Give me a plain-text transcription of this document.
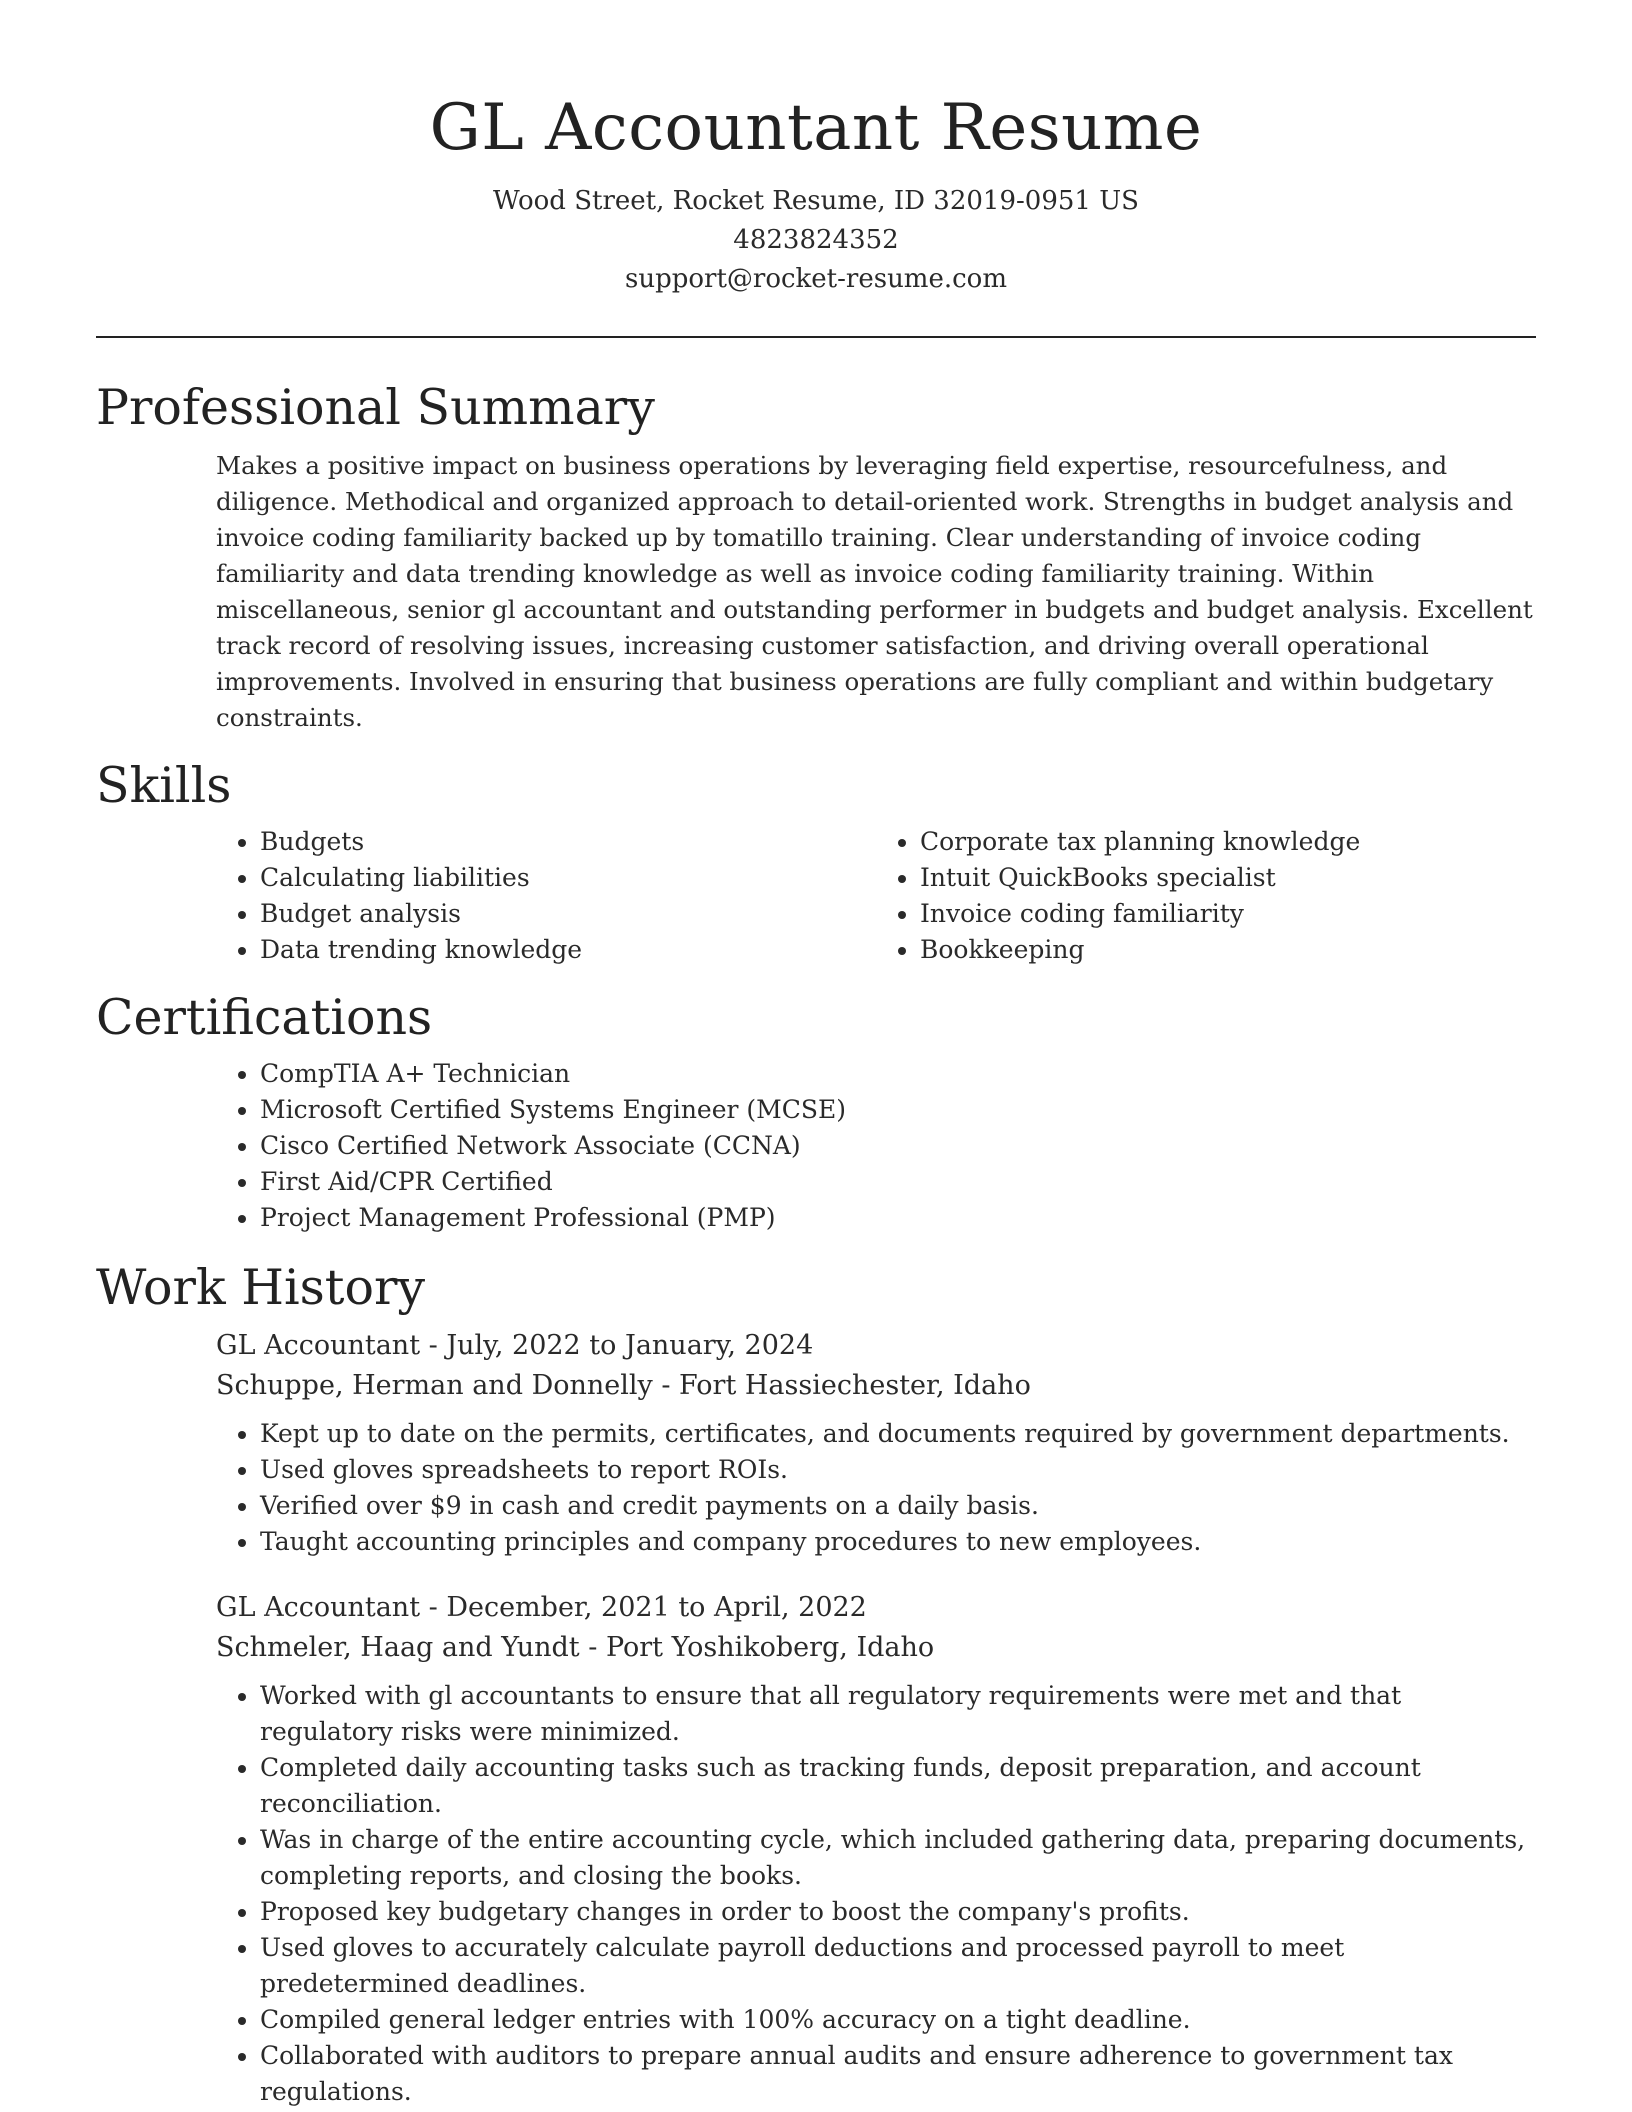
GL Accountant Resume
Wood Street, Rocket Resume, ID 32019-0951 US
4823824352
support@rocket-resume.com
Professional Summary

Makes a positive impact on business operations by leveraging field expertise, resourcefulness, and diligence. Methodical and organized approach to detail-oriented work. Strengths in budget analysis and invoice coding familiarity backed up by tomatillo training. Clear understanding of invoice coding familiarity and data trending knowledge as well as invoice coding familiarity training. Within miscellaneous, senior gl accountant and outstanding performer in budgets and budget analysis. Excellent track record of resolving issues, increasing customer satisfaction, and driving overall operational improvements. Involved in ensuring that business operations are fully compliant and within budgetary constraints.

Skills
• Budgets
• Calculating liabilities
• Budget analysis
• Data trending knowledge
• Corporate tax planning knowledge
• Intuit QuickBooks specialist
• Invoice coding familiarity
• Bookkeeping
Certifications
• CompTIA A+ Technician
• Microsoft Certified Systems Engineer (MCSE)
• Cisco Certified Network Associate (CCNA)
• First Aid/CPR Certified
• Project Management Professional (PMP)
Work History
GL Accountant - July, 2022 to January, 2024
Schuppe, Herman and Donnelly - Fort Hassiechester, Idaho
• Kept up to date on the permits, certificates, and documents required by government departments.
• Used gloves spreadsheets to report ROIs.
• Verified over $9 in cash and credit payments on a daily basis.
• Taught accounting principles and company procedures to new employees.
GL Accountant - December, 2021 to April, 2022
Schmeler, Haag and Yundt - Port Yoshikoberg, Idaho
• Worked with gl accountants to ensure that all regulatory requirements were met and that regulatory risks were minimized.
• Completed daily accounting tasks such as tracking funds, deposit preparation, and account reconciliation.
• Was in charge of the entire accounting cycle, which included gathering data, preparing documents, completing reports, and closing the books.
• Proposed key budgetary changes in order to boost the company's profits.
• Used gloves to accurately calculate payroll deductions and processed payroll to meet predetermined deadlines.
• Compiled general ledger entries with 100% accuracy on a tight deadline.
• Collaborated with auditors to prepare annual audits and ensure adherence to government tax regulations.
